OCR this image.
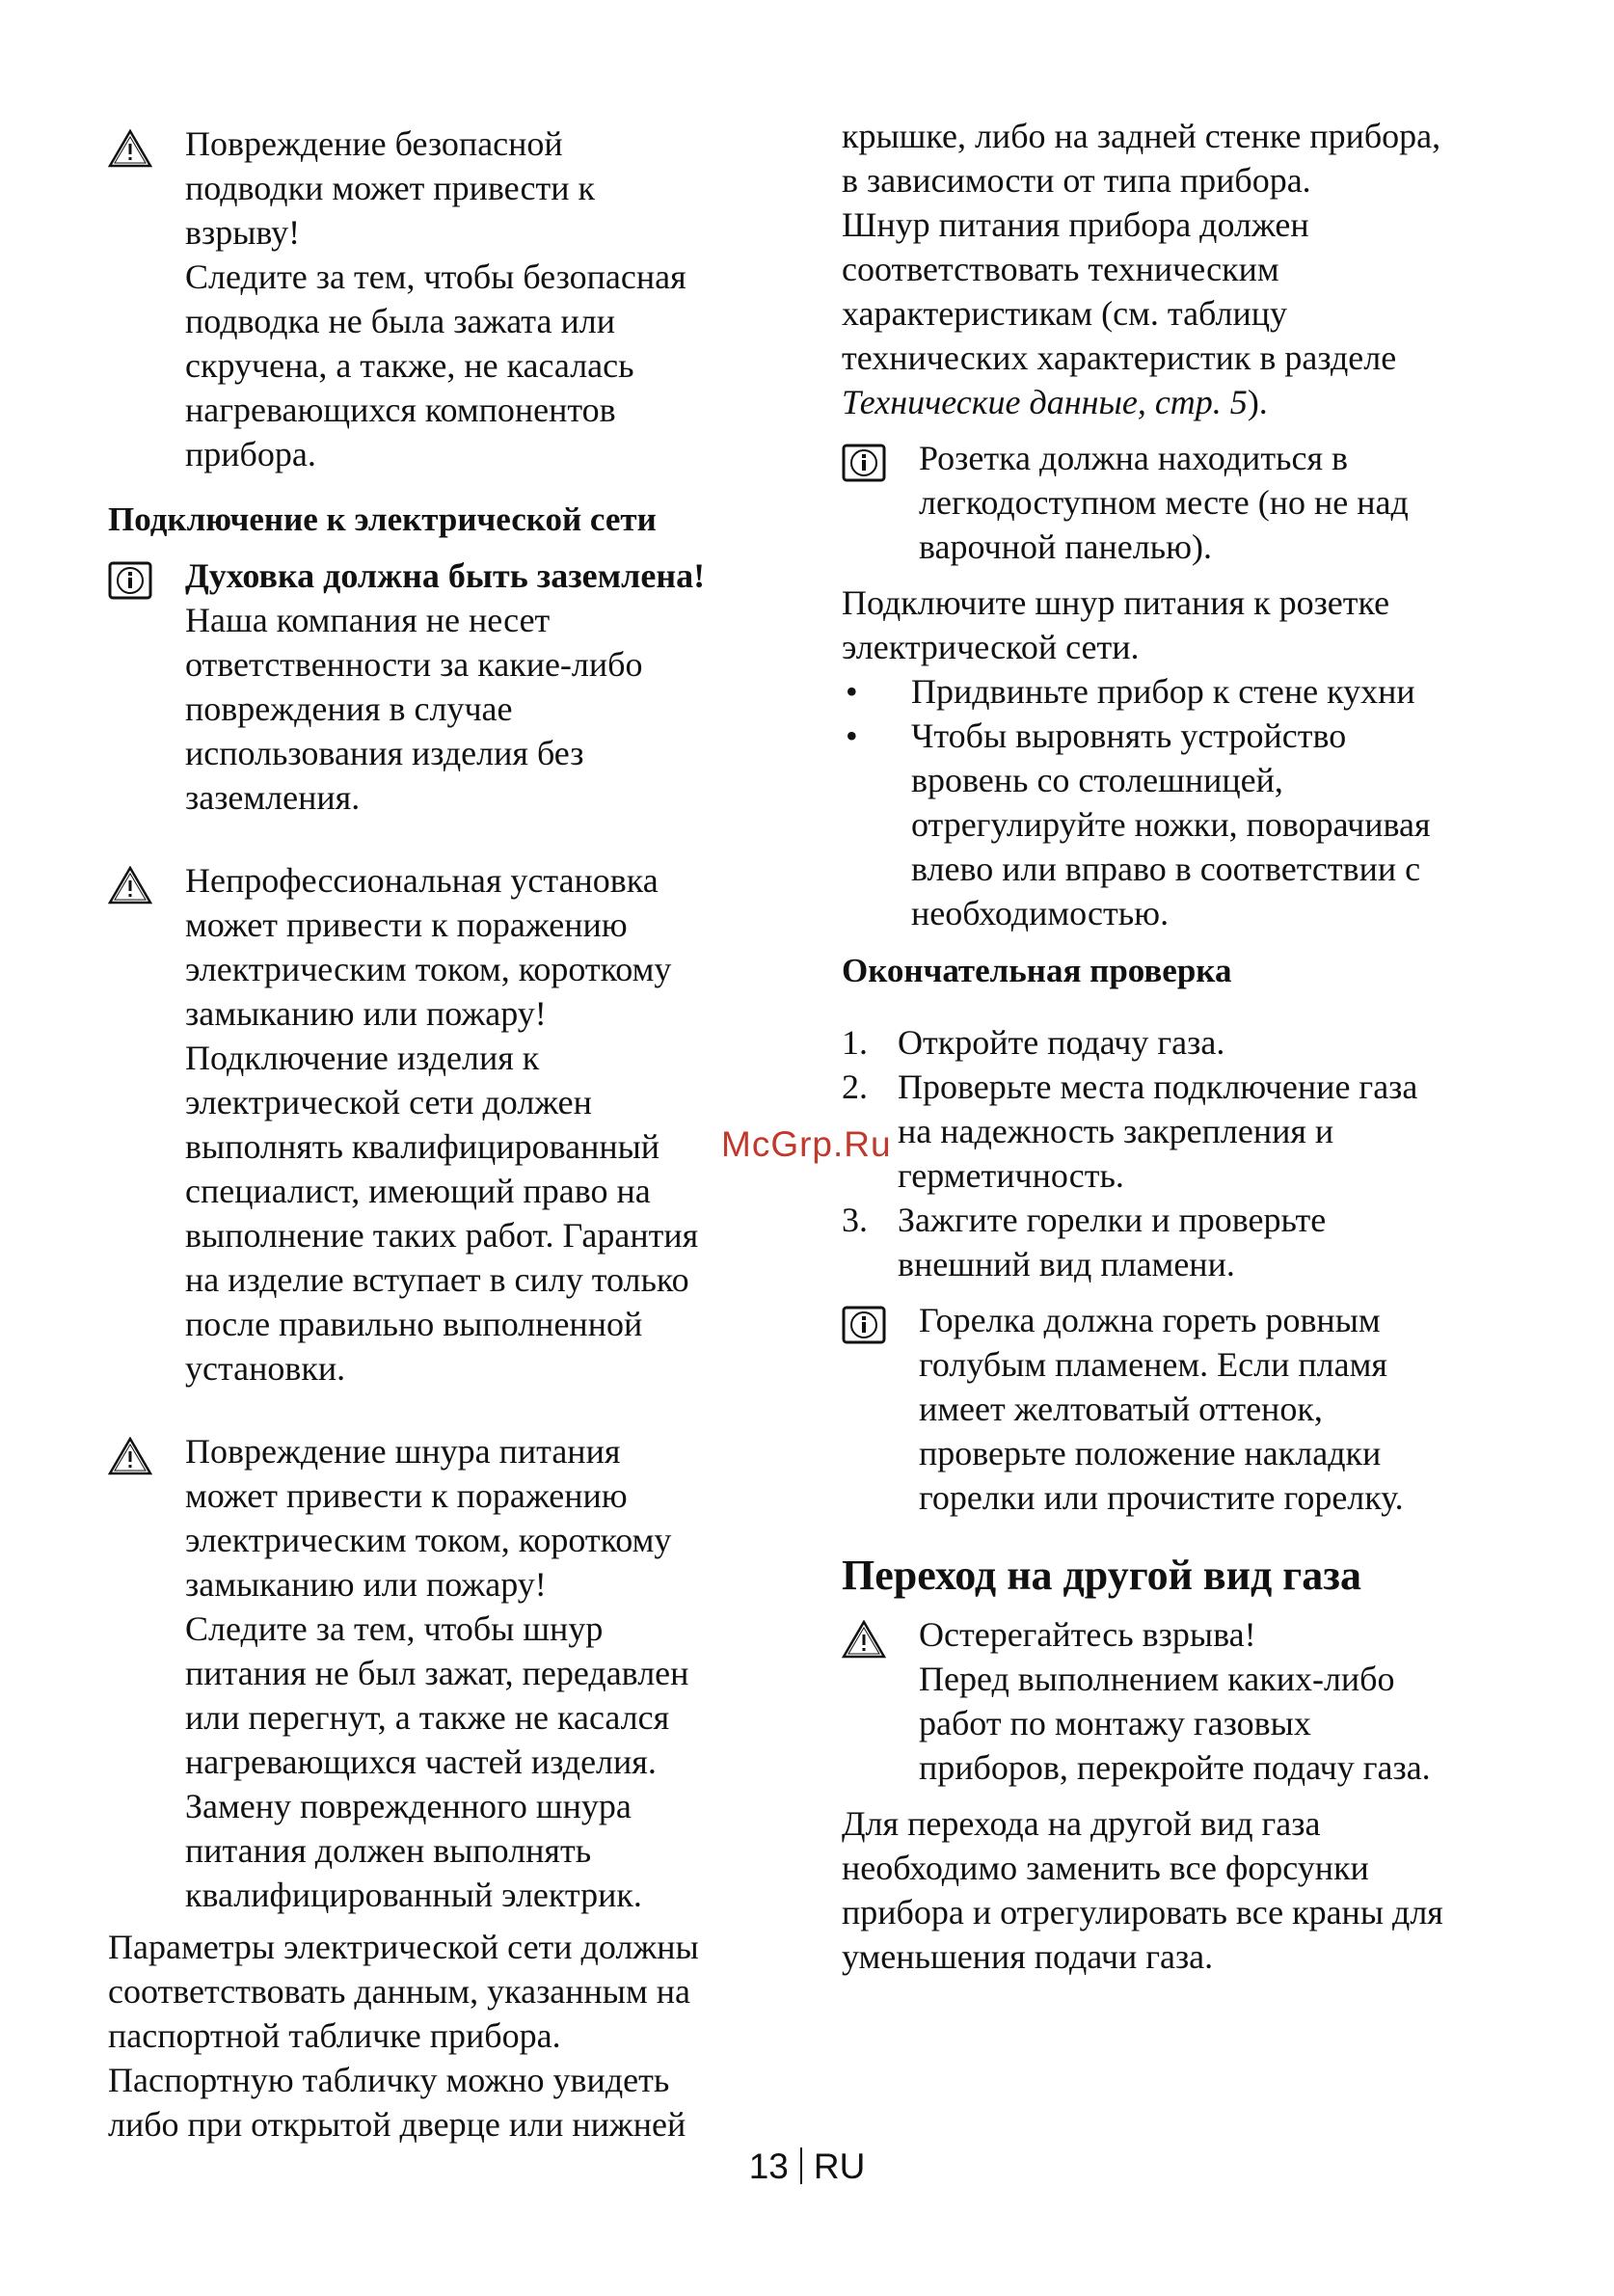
Повреждение безопасной

подводки может привести к

взрыву!

Следите за тем, чтобы безопасная

подводка не была зажата или

скручена, а также, не касалась

нагревающихся компонентов

прибора.

Подключение к электрической сети

Духовка должна быть заземлена!

Наша компания не несет

ответственности за какие-либо

повреждения в случае

использования изделия без

заземления.

Непрофессиональная установка

может привести к поражению

электрическим током, короткому

замыканию или пожару!

Подключение изделия к

электрической сети должен

выполнять квалифицированный

специалист, имеющий право на

выполнение таких работ. Гарантия

на изделие вступает в силу только

после правильно выполненной

установки.

Повреждение шнура питания

может привести к поражению

электрическим током, короткому

замыканию или пожару!

Следите за тем, чтобы шнур

питания не был зажат, передавлен

или перегнут, а также не касался

нагревающихся частей изделия.

Замену поврежденного шнура

питания должен выполнять

квалифицированный электрик.

Параметры электрической сети должны

соответствовать данным, указанным на

паспортной табличке прибора.

Паспортную табличку можно увидеть

либо при открытой дверце или нижней

крышке, либо на задней стенке прибора,

в зависимости от типа прибора.

Шнур питания прибора должен

соответствовать техническим

характеристикам (см. таблицу

технических характеристик в разделе

Технические данные, стр. 5).

Розетка должна находиться в

легкодоступном месте (но не над

варочной панелью).

Подключите шнур питания к розетке

электрической сети.

•	Придвиньте прибор к стене кухни
•	Чтобы выровнять устройство
вровень со столешницей,
отрегулируйте ножки, поворачивая
влево или вправо в соответствии с
необходимостью.
Окончательная проверка
1. Откройте подачу газа.
2. Проверьте места подключение газа
на надежность закрепления и
герметичность.
3. Зажгите горелки и проверьте
внешний вид пламени.

Горелка должна гореть ровным

голубым пламенем. Если пламя

имеет желтоватый оттенок,

проверьте положение накладки

горелки или прочистите горелку.

Переход на другой вид газа

Остерегайтесь взрыва!

Перед выполнением каких-либо

работ по монтажу газовых

приборов, перекройте подачу газа.

Для перехода на другой вид газа

необходимо заменить все форсунки

прибора и отрегулировать все краны для

уменьшения подачи газа.

McGrp.Ru
13 RU
